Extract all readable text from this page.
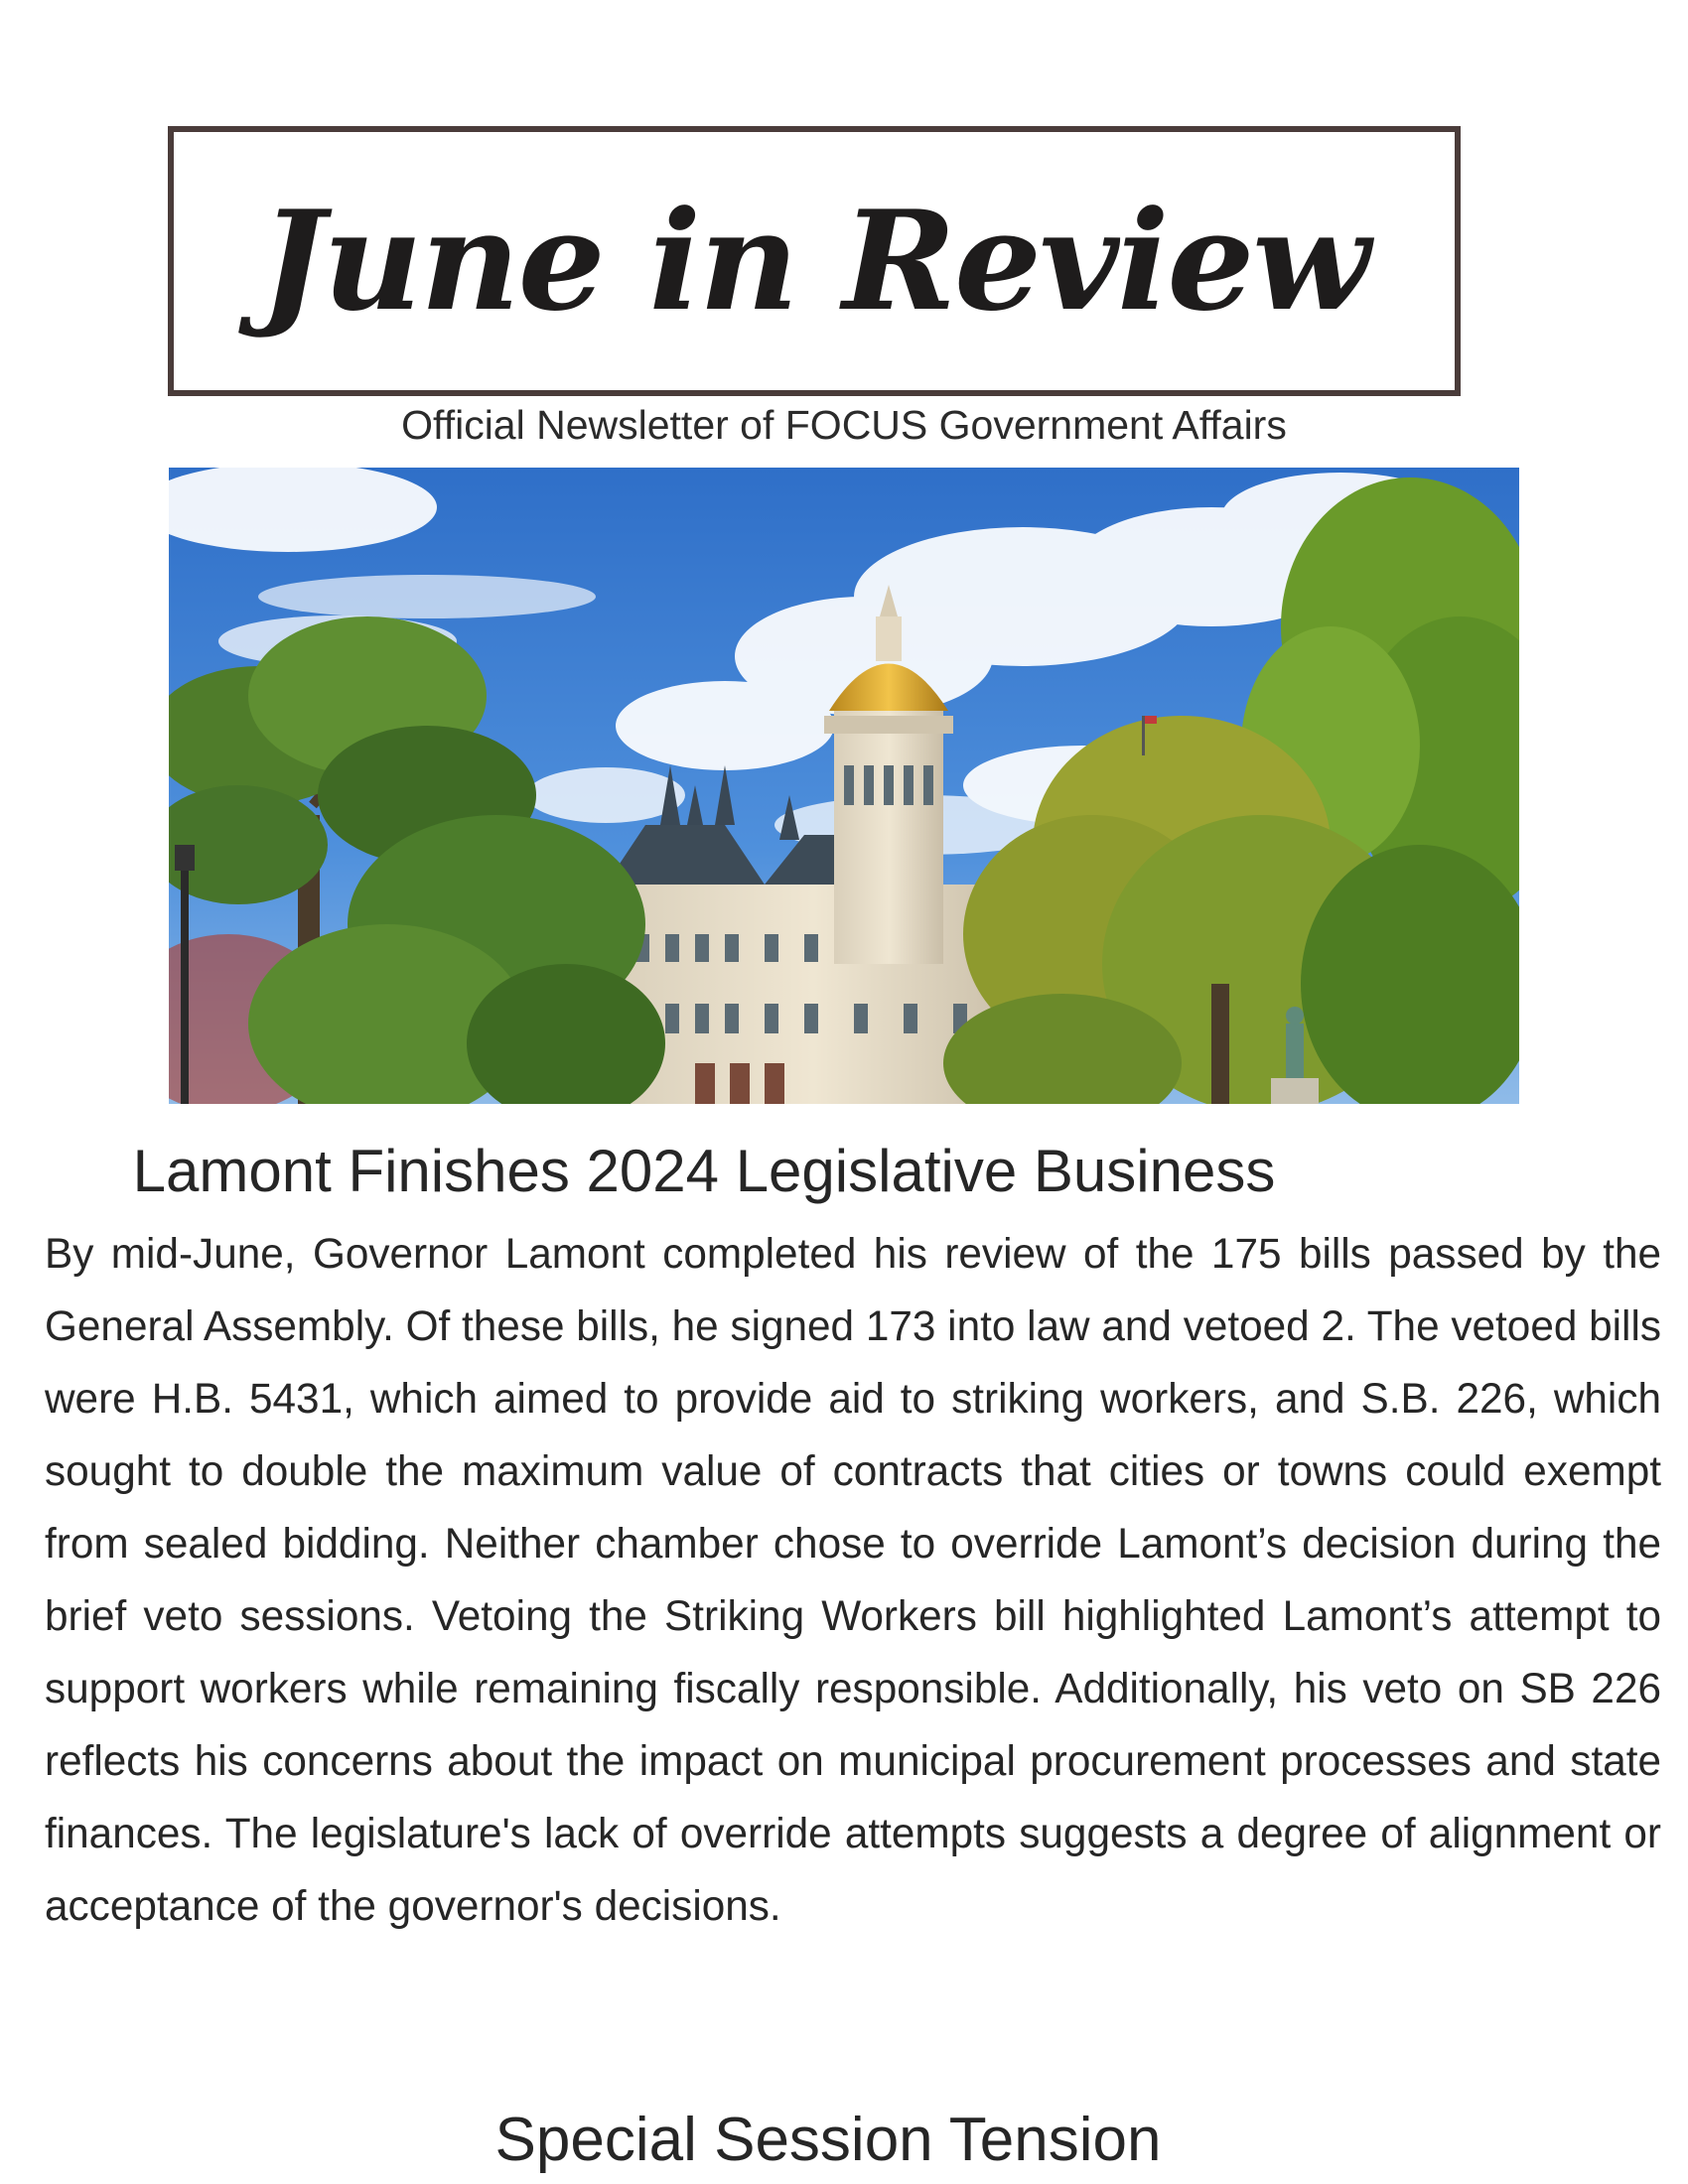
June in Review
Official Newsletter of FOCUS Government Affairs
Lamont Finishes 2024 Legislative Business
By mid-June, Governor Lamont completed his review of the 175 bills passed by the General Assembly. Of these bills, he signed 173 into law and vetoed 2. The vetoed bills were H.B. 5431, which aimed to provide aid to striking workers, and S.B. 226, which sought to double the maximum value of contracts that cities or towns could exempt from sealed bidding. Neither chamber chose to override Lamont’s decision during the brief veto sessions. Vetoing the Striking Workers bill highlighted Lamont’s attempt to support workers while remaining fiscally responsible. Additionally, his veto on SB 226 reflects his concerns about the impact on municipal procurement processes and state finances. The legislature's lack of override attempts suggests a degree of alignment or acceptance of the governor's decisions.
Special Session Tension
